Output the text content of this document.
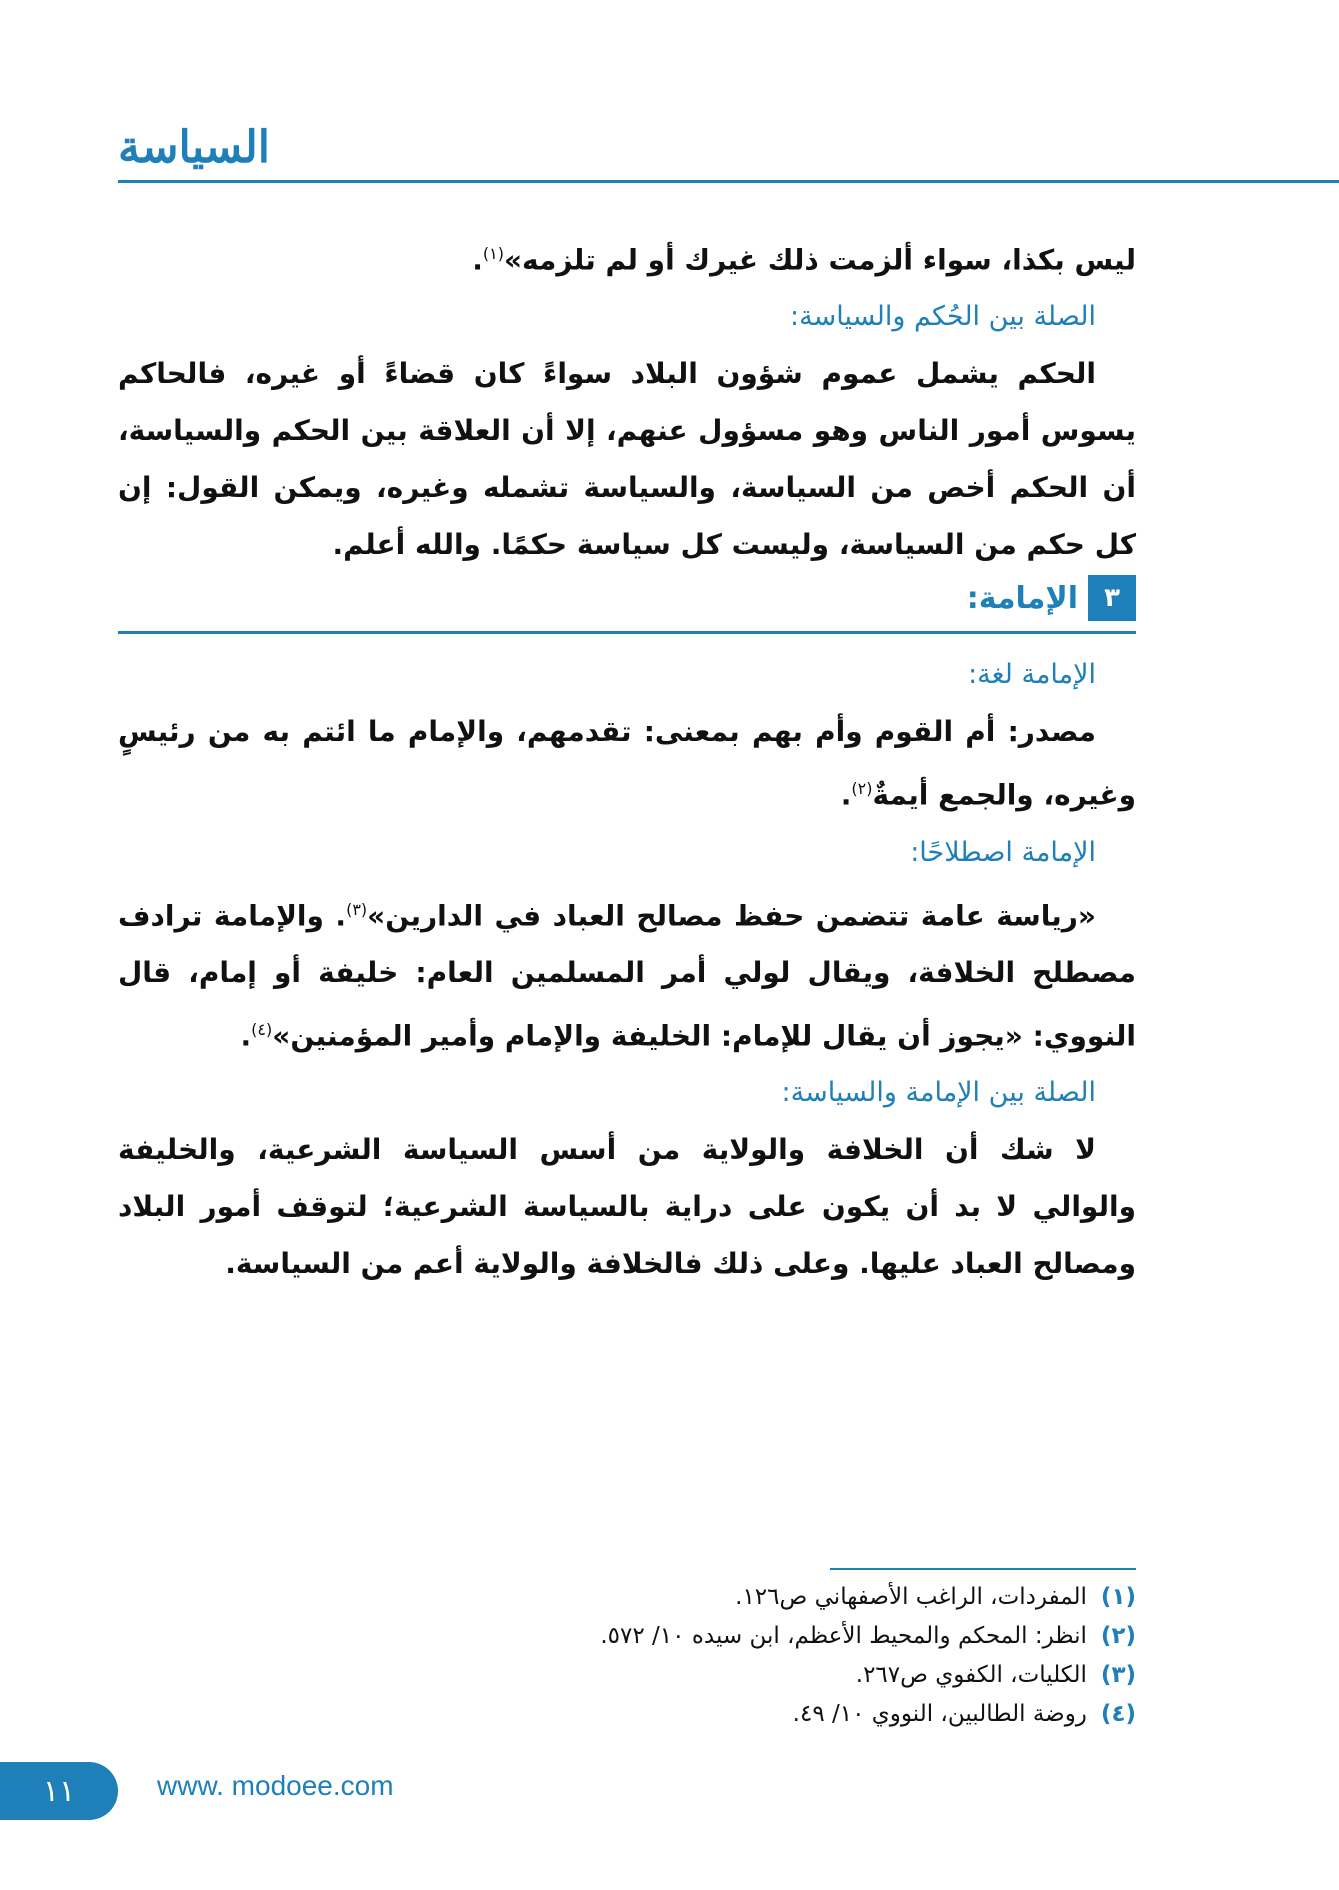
السياسة

ليس بكذا، سواء ألزمت ذلك غيرك أو لم تلزمه»$^{(١)}$.

الصلة بين الحُكم والسياسة:

الحكم يشمل عموم شؤون البلاد سواءً كان قضاءً أو غيره، فالحاكم يسوس أمور الناس وهو مسؤول عنهم، إلا أن العلاقة بين الحكم والسياسة، أن الحكم أخص من السياسة، والسياسة تشمله وغيره، ويمكن القول: إن كل حكم من السياسة، وليست كل سياسة حكمًا. والله أعلم.

٣
الإمامة:

الإمامة لغة:

مصدر: أم القوم وأم بهم بمعنى: تقدمهم، والإمام ما ائتم به من رئيسٍ وغيره، والجمع أيمةٌ$^{(٢)}$.

الإمامة اصطلاحًا:

«رياسة عامة تتضمن حفظ مصالح العباد في الدارين»$^{(٣)}$. والإمامة ترادف مصطلح الخلافة، ويقال لولي أمر المسلمين العام: خليفة أو إمام، قال النووي: «يجوز أن يقال للإمام: الخليفة والإمام وأمير المؤمنين»$^{(٤)}$.

الصلة بين الإمامة والسياسة:

لا شك أن الخلافة والولاية من أسس السياسة الشرعية، والخليفة والوالي لا بد أن يكون على دراية بالسياسة الشرعية؛ لتوقف أمور البلاد ومصالح العباد عليها. وعلى ذلك فالخلافة والولاية أعم من السياسة.

(١)
المفردات، الراغب الأصفهاني ص١٢٦.
(٢)
انظر: المحكم والمحيط الأعظم، ابن سيده ١٠/ ٥٧٢.
(٣)
الكليات، الكفوي ص٢٦٧.
(٤)
روضة الطالبين، النووي ١٠/ ٤٩.
١١	www. modoee.com
